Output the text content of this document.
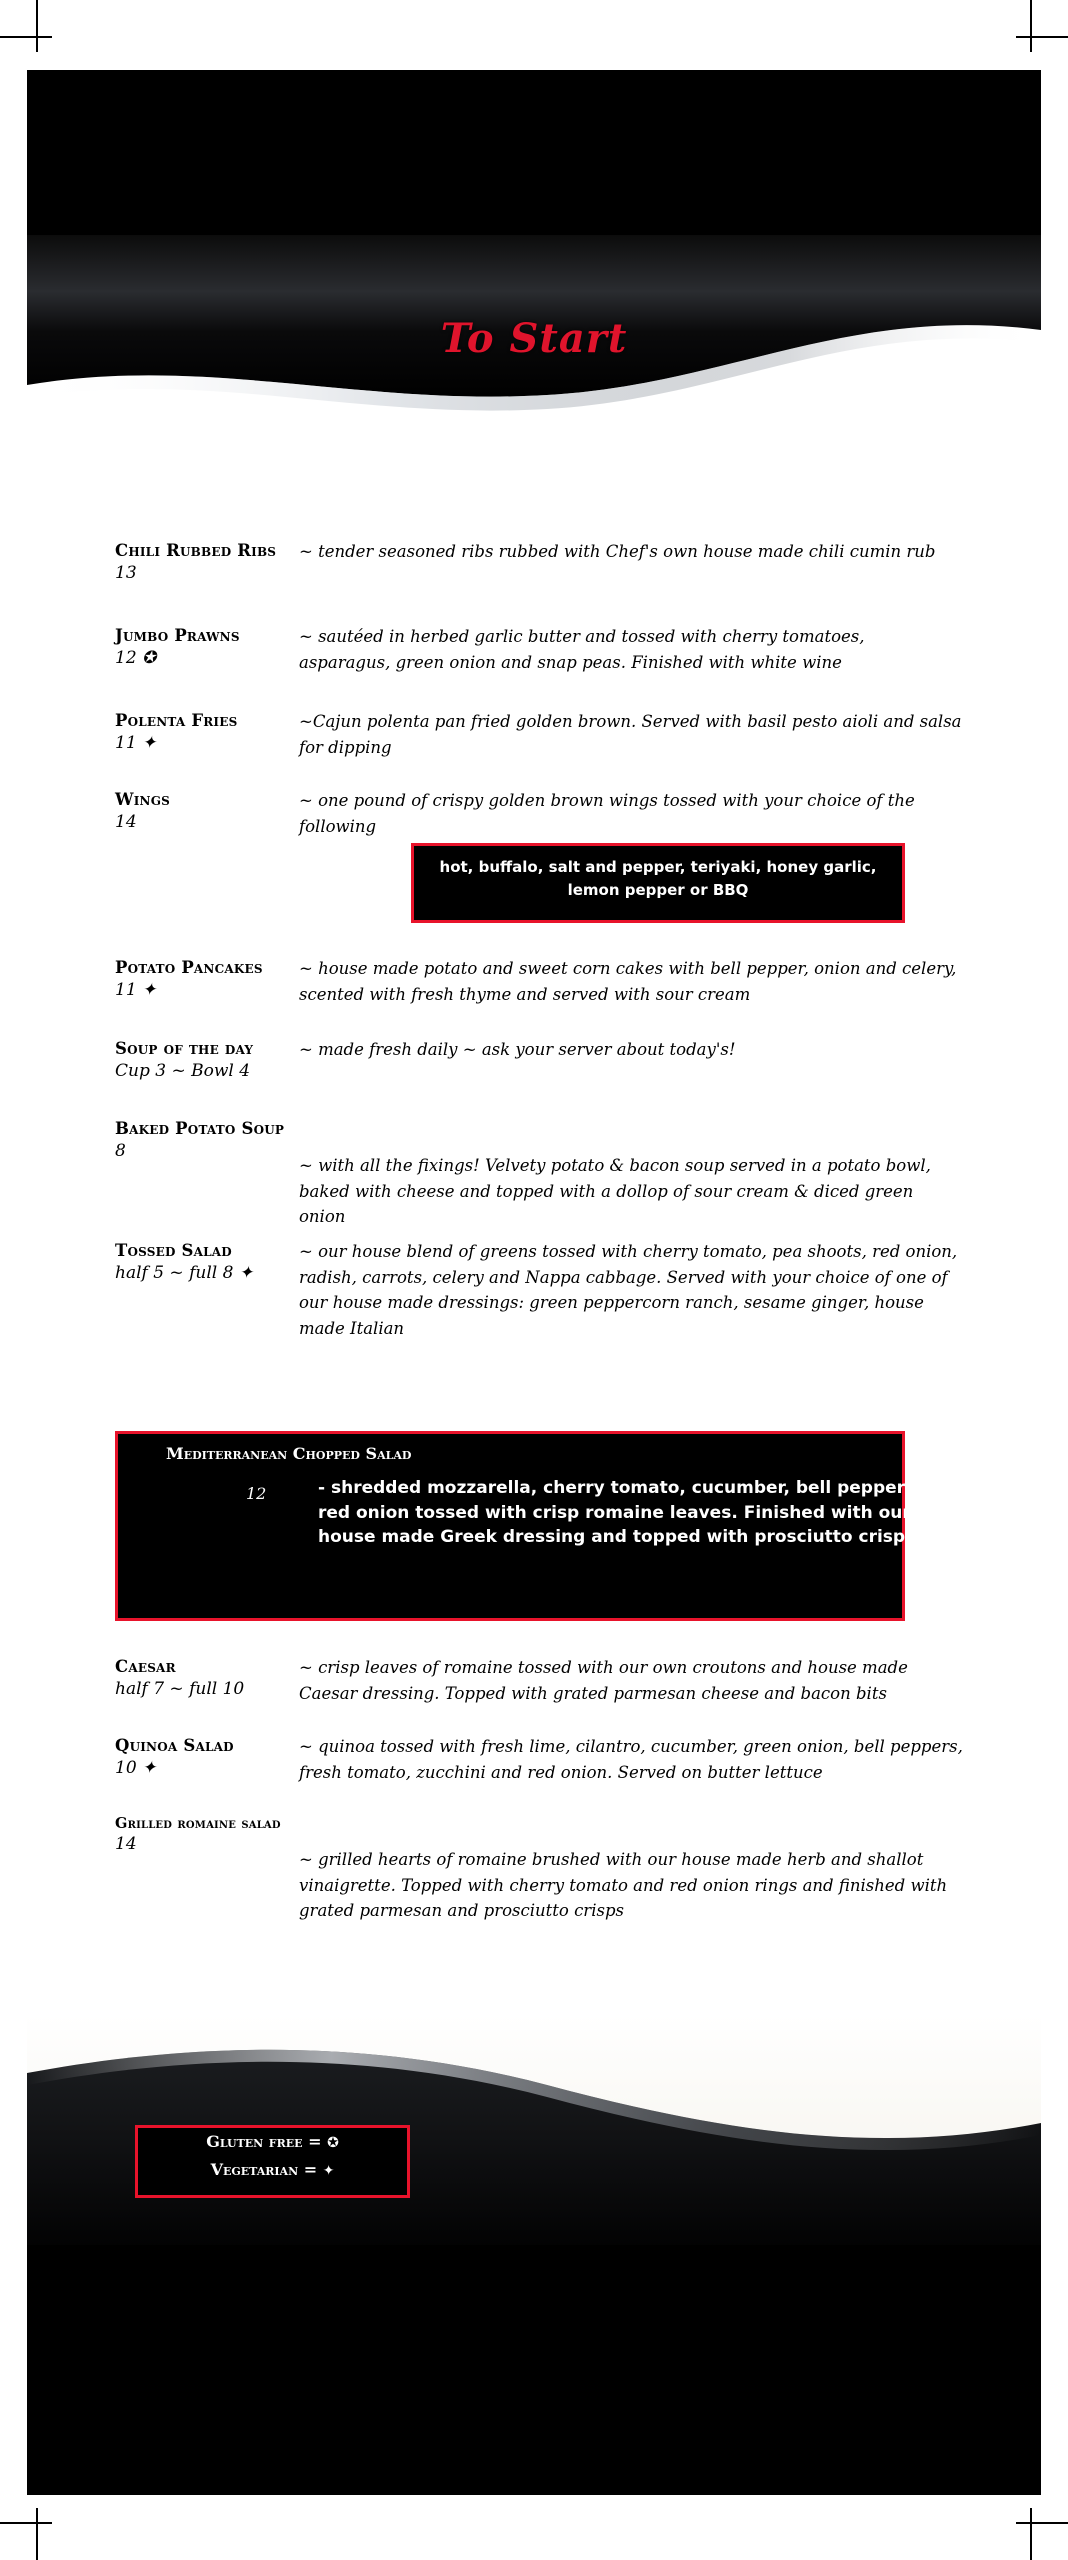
To Start
Chili Rubbed Ribs
13
~ tender seasoned ribs rubbed with Chef's own house made chili cumin rub
Jumbo Prawns
12 ✪
~ sautéed in herbed garlic butter and tossed with cherry tomatoes, asparagus, green onion and snap peas. Finished with white wine
Polenta Fries
11 ✦
~Cajun polenta pan fried golden brown. Served with basil pesto aioli and salsa for dipping
Wings
14
~ one pound of crispy golden brown wings tossed with your choice of the following
hot, buffalo, salt and pepper, teriyaki, honey garlic, lemon pepper or BBQ
Potato Pancakes
11 ✦
~ house made potato and sweet corn cakes with bell pepper, onion and celery, scented with fresh thyme and served with sour cream
Soup of the day
Cup 3 ~ Bowl 4
~ made fresh daily ~ ask your server about today's!
Baked Potato Soup
8
~ with all the fixings! Velvety potato & bacon soup served in a potato bowl, baked with cheese and topped with a dollop of sour cream & diced green onion
Tossed Salad
half 5 ~ full 8 ✦
~ our house blend of greens tossed with cherry tomato, pea shoots, red onion, radish, carrots, celery and Nappa cabbage. Served with your choice of one of our house made dressings: green peppercorn ranch, sesame ginger, house made Italian
Mediterranean Chopped Salad
12	- shredded mozzarella, cherry tomato, cucumber, bell peppers and red onion tossed with crisp romaine leaves. Finished with our house made Greek dressing and topped with prosciutto crisps
Caesar
half 7 ~ full 10
~ crisp leaves of romaine tossed with our own croutons and house made Caesar dressing. Topped with grated parmesan cheese and bacon bits
Quinoa Salad
10 ✦
~ quinoa tossed with fresh lime, cilantro, cucumber, green onion, bell peppers, fresh tomato, zucchini and red onion. Served on butter lettuce
Grilled romaine salad
14
~ grilled hearts of romaine brushed with our house made herb and shallot vinaigrette. Topped with cherry tomato and red onion rings and finished with grated parmesan and prosciutto crisps
Gluten free = ✪
Vegetarian = ✦
